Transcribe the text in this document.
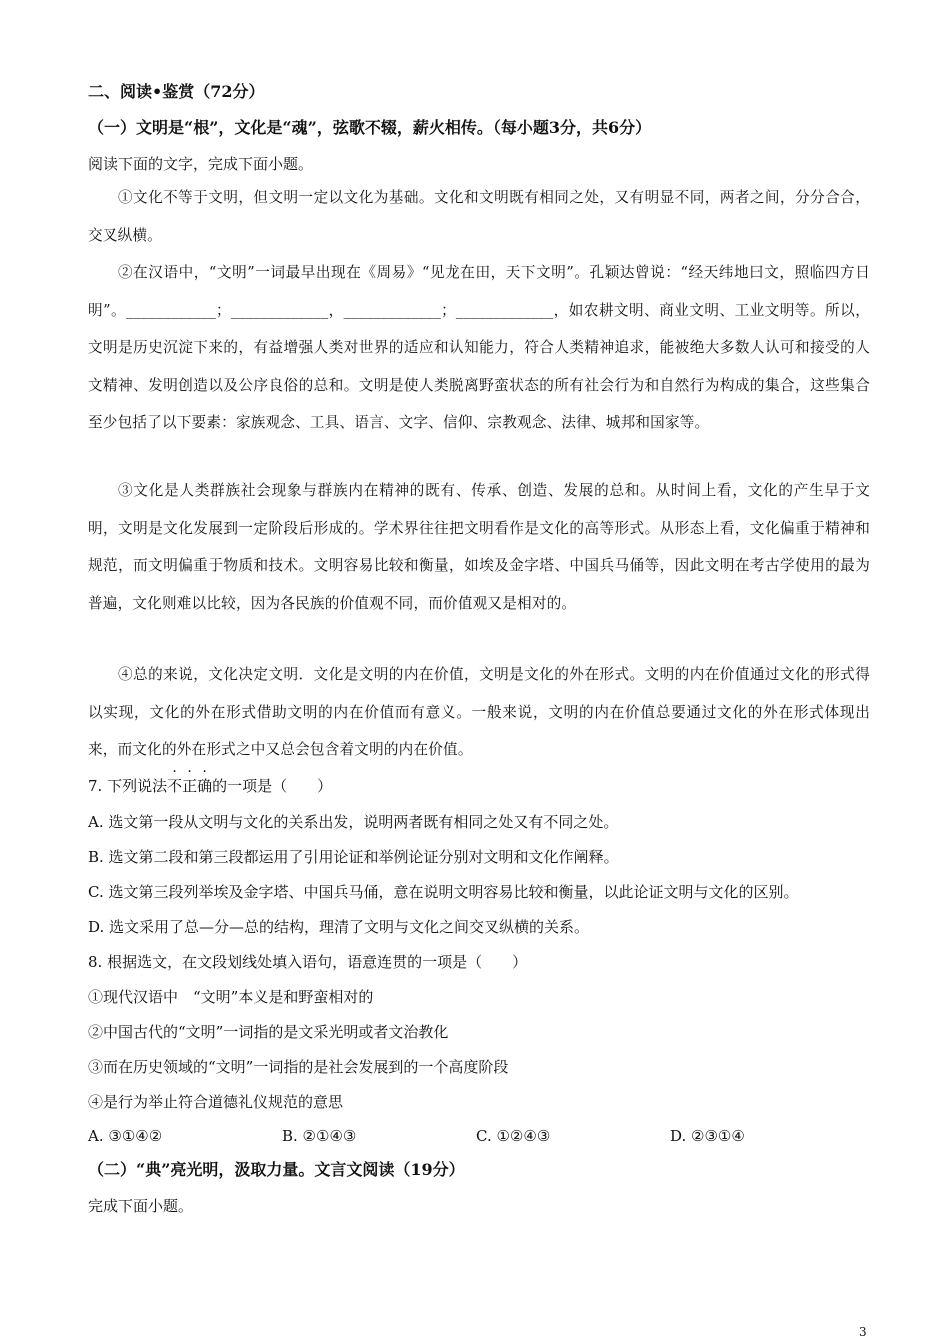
二、阅读•鉴赏（72分）
（一）文明是“根”，文化是“魂”，弦歌不辍，薪火相传。（每小题3分，共6分）
阅读下面的文字，完成下面小题。
①文化不等于文明，但文明一定以文化为基础。文化和文明既有相同之处，又有明显不同，两者之间，分分合合，交叉纵横。
②在汉语中，“文明”一词最早出现在《周易》“见龙在田，天下文明”。孔颖达曾说：“经天纬地曰文，照临四方日明”。____________；_____________，_____________；_____________，如农耕文明、商业文明、工业文明等。所以，文明是历史沉淀下来的，有益增强人类对世界的适应和认知能力，符合人类精神追求，能被绝大多数人认可和接受的人文精神、发明创造以及公序良俗的总和。文明是使人类脱离野蛮状态的所有社会行为和自然行为构成的集合，这些集合至少包括了以下要素：家族观念、工具、语言、文字、信仰、宗教观念、法律、城邦和国家等。
③文化是人类群族社会现象与群族内在精神的既有、传承、创造、发展的总和。从时间上看，文化的产生早于文明，文明是文化发展到一定阶段后形成的。学术界往往把文明看作是文化的高等形式。从形态上看，文化偏重于精神和规范，而文明偏重于物质和技术。文明容易比较和衡量，如埃及金字塔、中国兵马俑等，因此文明在考古学使用的最为普遍，文化则难以比较，因为各民族的价值观不同，而价值观又是相对的。
④总的来说，文化决定文明．文化是文明的内在价值，文明是文化的外在形式。文明的内在价值通过文化的形式得以实现，文化的外在形式借助文明的内在价值而有意义。一般来说，文明的内在价值总要通过文化的外在形式体现出来，而文化的外在形式之中又总会包含着文明的内在价值。
7. 下列说法不正确的一项是（　　）
A. 选文第一段从文明与文化的关系出发，说明两者既有相同之处又有不同之处。
B. 选文第二段和第三段都运用了引用论证和举例论证分别对文明和文化作阐释。
C. 选文第三段列举埃及金字塔、中国兵马俑，意在说明文明容易比较和衡量，以此论证文明与文化的区别。
D. 选文采用了总—分—总的结构，理清了文明与文化之间交叉纵横的关系。
8. 根据选文，在文段划线处填入语句，语意连贯的一项是（　　）
①现代汉语中　“文明”本义是和野蛮相对的
②中国古代的“文明”一词指的是文采光明或者文治教化
③而在历史领域的“文明”一词指的是社会发展到的一个高度阶段
④是行为举止符合道德礼仪规范的意思
A. ③①④②	B. ②①④③	C. ①②④③	D. ②③①④
（二）“典”亮光明，汲取力量。文言文阅读（19分）
完成下面小题。
3
